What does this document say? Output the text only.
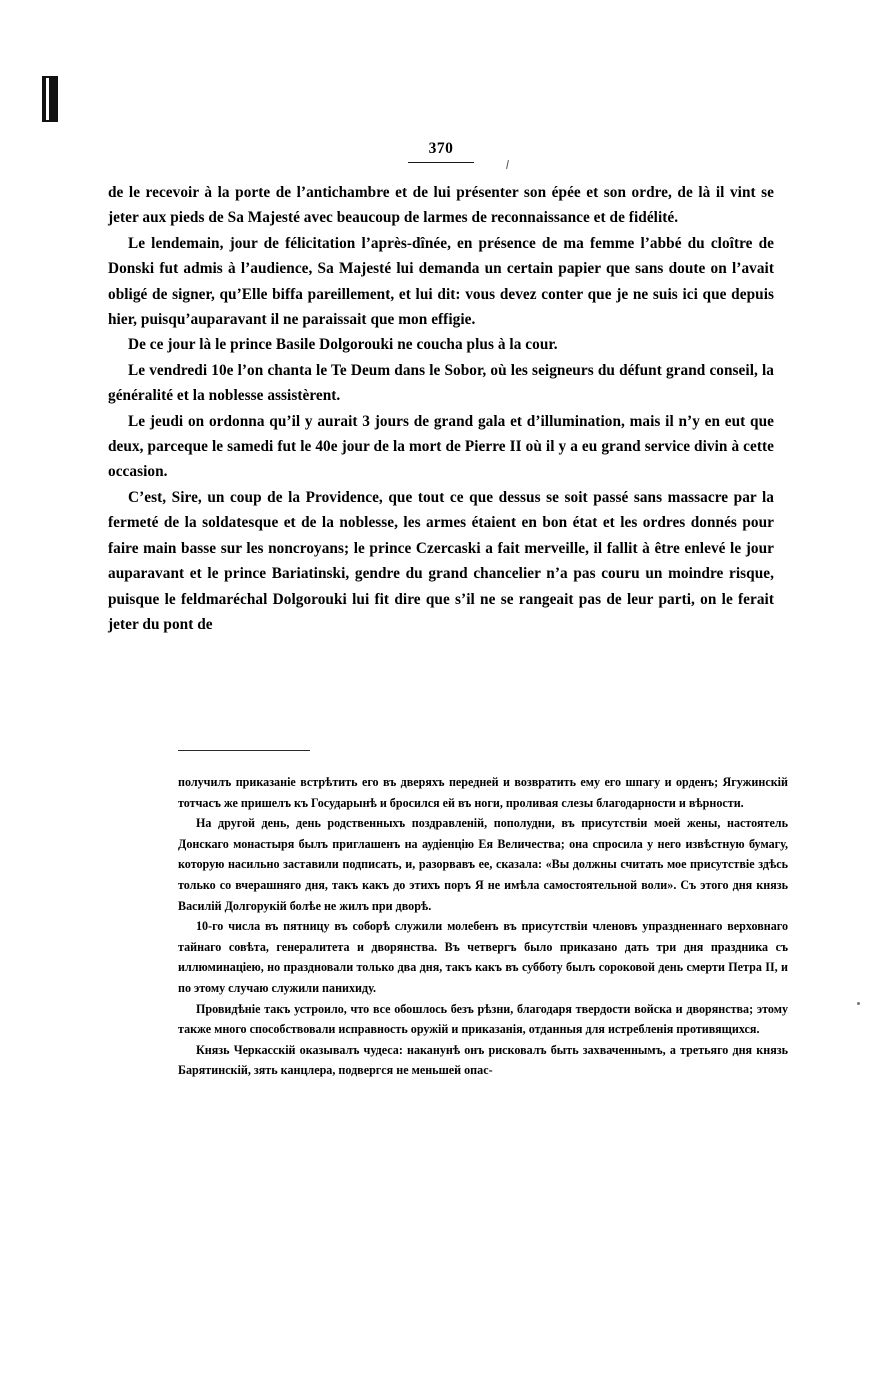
370

de le recevoir à la porte de l’antichambre et de lui présenter son épée et son ordre, de là il vint se jeter aux pieds de Sa Majesté avec beaucoup de larmes de reconnaissance et de fidélité.

Le lendemain, jour de félicitation l’après-dînée, en présence de ma femme l’abbé du cloître de Donski fut admis à l’audience, Sa Majesté lui demanda un certain papier que sans doute on l’avait obligé de signer, qu’Elle biffa pareillement, et lui dit: vous devez conter que je ne suis ici que depuis hier, puisqu’auparavant il ne paraissait que mon effigie.

De ce jour là le prince Basile Dolgorouki ne coucha plus à la cour.

Le vendredi 10e l’on chanta le Te Deum dans le Sobor, où les seigneurs du défunt grand conseil, la généralité et la noblesse assistèrent.

Le jeudi on ordonna qu’il y aurait 3 jours de grand gala et d’illumination, mais il n’y en eut que deux, parceque le samedi fut le 40e jour de la mort de Pierre II où il y a eu grand service divin à cette occasion.

C’est, Sire, un coup de la Providence, que tout ce que dessus se soit passé sans massacre par la fermeté de la soldatesque et de la noblesse, les armes étaient en bon état et les ordres donnés pour faire main basse sur les noncroyans; le prince Czercaski a fait merveille, il fallit à être enlevé le jour auparavant et le prince Bariatinski, gendre du grand chancelier n’a pas couru un moindre risque, puisque le feldmaréchal Dolgorouki lui fit dire que s’il ne se rangeait pas de leur parti, on le ferait jeter du pont de

получилъ приказаніе встрѣтить его въ дверяхъ передней и возвратить ему его шпагу и орденъ; Ягужинскій тотчасъ же пришелъ къ Государынѣ и бросился ей въ ноги, проливая слезы благодарности и вѣрности.

На другой день, день родственныхъ поздравленій, пополудни, въ присутствіи моей жены, настоятель Донскаго монастыря былъ приглашенъ на аудіенцію Ея Величества; она спросила у него извѣстную бумагу, которую насильно заставили подписать, и, разорвавъ ее, сказала: «Вы должны считать мое присутствіе здѣсь только со вчерашняго дня, такъ какъ до этихъ поръ Я не имѣла самостоятельной воли». Съ этого дня князь Василій Долгорукій болѣе не жилъ при дворѣ.

10-го числа въ пятницу въ соборѣ служили молебенъ въ присутствіи членовъ упраздненнаго верховнаго тайнаго совѣта, генералитета и дворянства. Въ четвергъ было приказано дать три дня праздника съ иллюминаціею, но праздновали только два дня, такъ какъ въ субботу былъ сороковой день смерти Петра II, и по этому случаю служили панихиду.

Провидѣніе такъ устроило, что все обошлось безъ рѣзни, благодаря твердости войска и дворянства; этому также много способствовали исправность оружій и приказанія, отданныя для истребленія противящихся.

Князь Черкасскій оказывалъ чудеса: наканунѣ онъ рисковалъ быть захваченнымъ, а третьяго дня князь Барятинскій, зять канцлера, подвергся не меньшей опас-
